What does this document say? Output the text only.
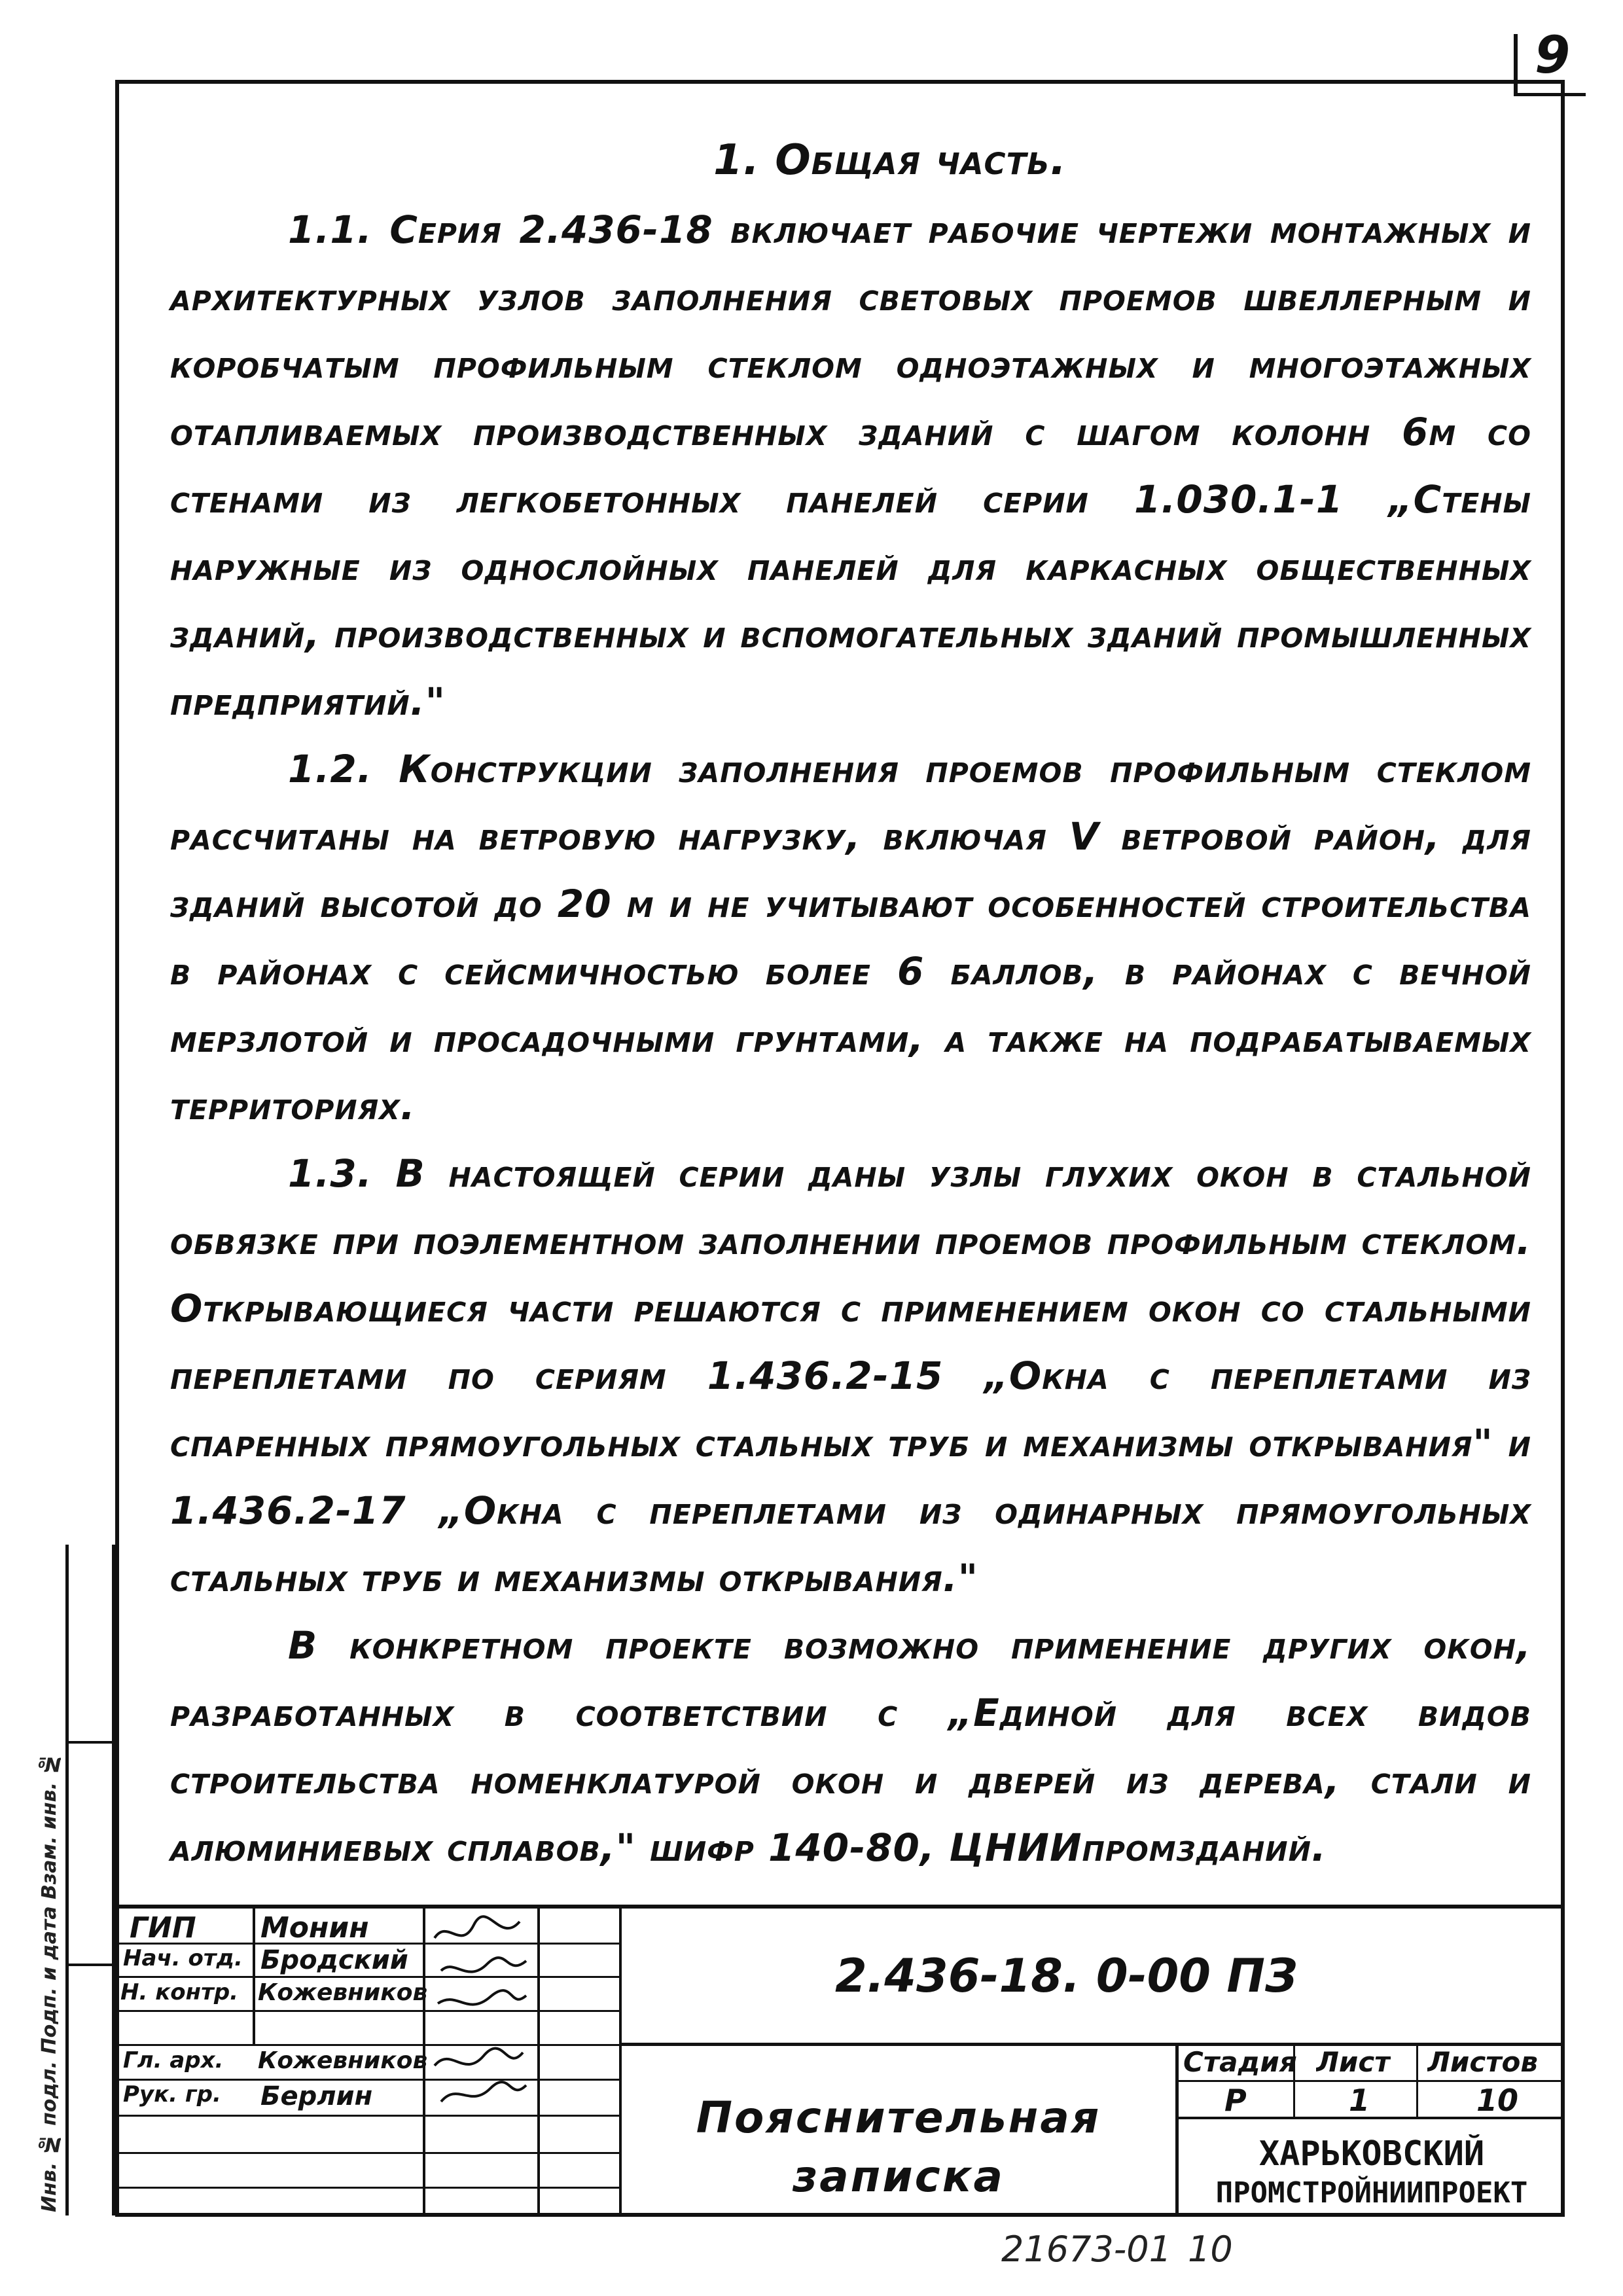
9
1. Общая часть.

1.1. Серия 2.436-18 включает рабочие чертежи монтажных и архитектурных узлов заполнения световых проемов швеллерным и коробчатым профильным стеклом одноэтажных и многоэтажных отапливаемых производственных зданий с шагом колонн 6м со стенами из легкобетонных панелей серии 1.030.1-1 „Стены наружные из однослойных панелей для каркасных общественных зданий, производственных и вспомогательных зданий промышленных предприятий."

1.2. Конструкции заполнения проемов профильным стеклом рассчитаны на ветровую нагрузку, включая V ветровой район, для зданий высотой до 20 м и не учитывают особенностей строительства в районах с сейсмичностью более 6 баллов, в районах с вечной мерзлотой и просадочными грунтами, а также на подрабатываемых территориях.

1.3. В настоящей серии даны узлы глухих окон в стальной обвязке при поэлементном заполнении проемов профильным стеклом. Открывающиеся части решаются с применением окон со стальными переплетами по сериям 1.436.2-15 „Окна с переплетами из спаренных прямоугольных стальных труб и механизмы открывания" и 1.436.2-17 „Окна с переплетами из одинарных прямоугольных стальных труб и механизмы открывания."

В конкретном проекте возможно применение других окон, разработанных в соответствии с „Единой для всех видов строительства номенклатурой окон и дверей из дерева, стали и алюминиевых сплавов," шифр 140-80, ЦНИИпромзданий.

Инв. № подл. Подп. и дата Взам. инв. №	ГИП Монин
Нач. отд. Бродский
Н. контр. Кожевников
Гл. арх. Кожевников
Рук. гр. Берлин
2.436-18. 0-00 ПЗ
Пояснительная
записка
Стадия Лист Листов
Р	1	10
ХАРЬКОВСКИЙ
ПРОМСТРОЙНИИПРОЕКТ
21673-01 10
